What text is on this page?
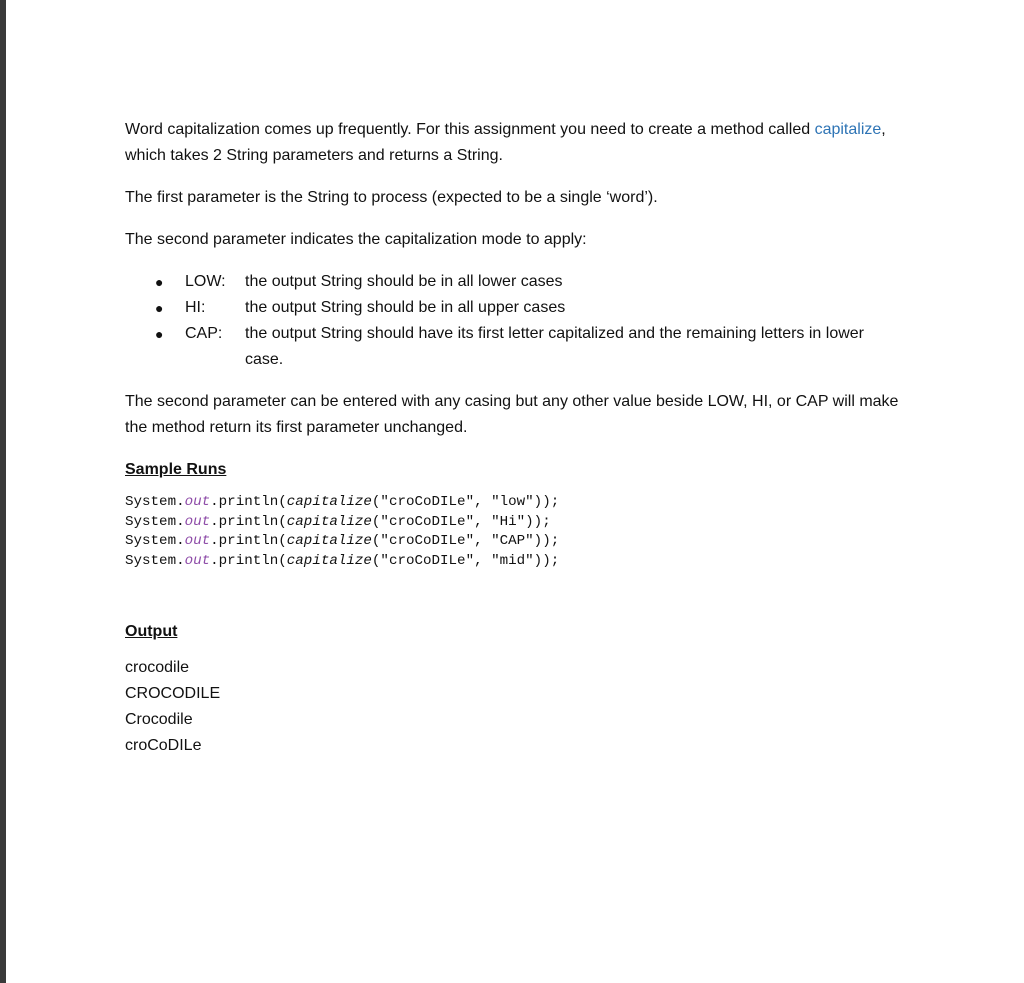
Word capitalization comes up frequently. For this assignment you need to create a method called capitalize, which takes 2 String parameters and returns a String.

The first parameter is the String to process (expected to be a single ‘word’).

The second parameter indicates the capitalization mode to apply:

●	LOW:	the output String should be in all lower cases
●	HI:	the output String should be in all upper cases
●	CAP:	the output String should have its first letter capitalized and the remaining letters in lower case.

The second parameter can be entered with any casing but any other value beside LOW, HI, or CAP will make the method return its first parameter unchanged.

Sample Runs

System.out.println(capitalize("croCoDILe", "low"));
System.out.println(capitalize("croCoDILe", "Hi"));
System.out.println(capitalize("croCoDILe", "CAP"));
System.out.println(capitalize("croCoDILe", "mid"));

Output

crocodile

CROCODILE

Crocodile

croCoDILe
